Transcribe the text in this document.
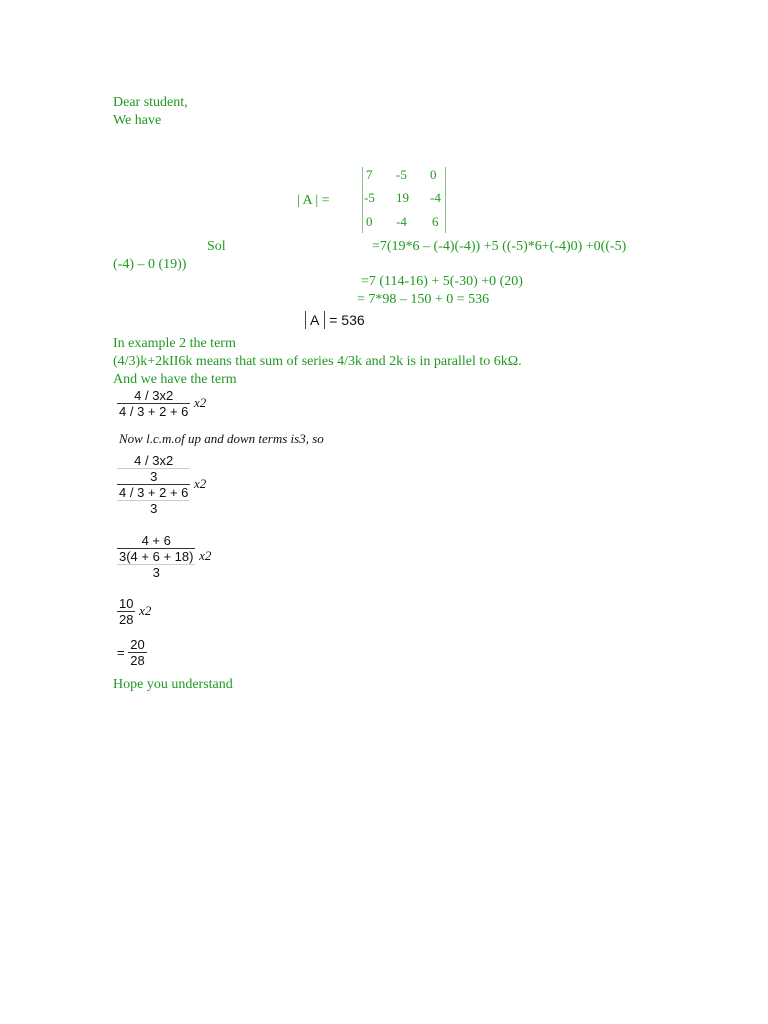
Dear student,
We have
| A | =
7 -5 0
-5 19 -4
0 -4 6
Sol	=7(19*6 – (-4)(-4)) +5 ((-5)*6+(-4)0) +0((-5)
(-4) – 0 (19))
=7 (114-16) + 5(-30) +0 (20)
= 7*98 – 150 + 0 = 536
A = 536
In example 2 the term
(4/3)k+2kII6k means that sum of series 4/3k and 2k is in parallel to 6kΩ.
And we have the term
$\frac{4 / 3x2}{4 / 3 + 2 + 6} x2$
Now l.c.m.of up and down terms is3, so
4 / 3x2
3
4 / 3 + 2 + 6
3 x2
4 + 6
3(4 + 6 + 18)
3 x2
$\frac{10}{28} x2$
= $\frac{20}{28}$
Hope you understand
